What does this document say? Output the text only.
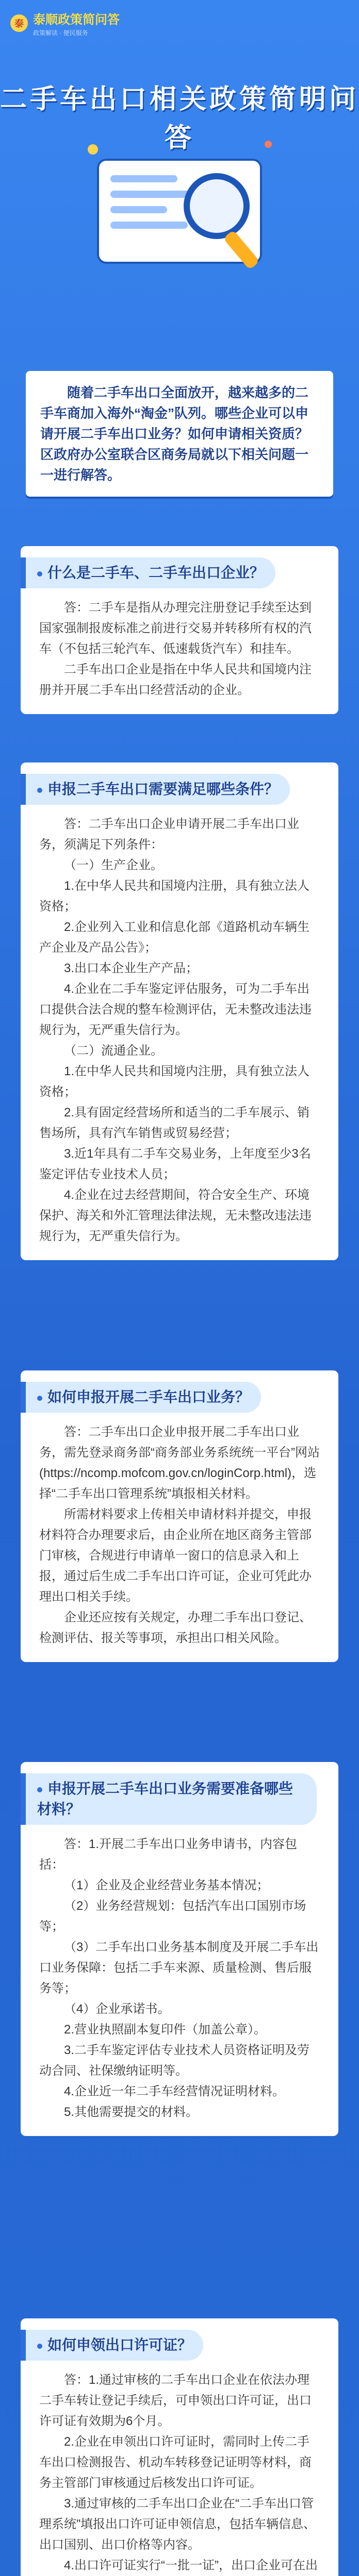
泰 泰顺政策简问答
政策解读 · 便民服务
二手车出口相关政策简明问答

随着二手车出口全面放开，越来越多的二手车商加入海外“淘金”队列。哪些企业可以申请开展二手车出口业务？如何申请相关资质？区政府办公室联合区商务局就以下相关问题一一进行解答。

什么是二手车、二手车出口企业？

答：二手车是指从办理完注册登记手续至达到国家强制报废标准之前进行交易并转移所有权的汽车（不包括三轮汽车、低速载货汽车）和挂车。

二手车出口企业是指在中华人民共和国境内注册并开展二手车出口经营活动的企业。

申报二手车出口需要满足哪些条件？

答：二手车出口企业申请开展二手车出口业务，须满足下列条件：

（一）生产企业。

1.在中华人民共和国境内注册，具有独立法人资格；

2.企业列入工业和信息化部《道路机动车辆生产企业及产品公告》；

3.出口本企业生产产品；

4.企业在二手车鉴定评估服务，可为二手车出口提供合法合规的整车检测评估，无未整改违法违规行为，无严重失信行为。

（二）流通企业。

1.在中华人民共和国境内注册，具有独立法人资格；

2.具有固定经营场所和适当的二手车展示、销售场所，具有汽车销售或贸易经营；

3.近1年具有二手车交易业务，上年度至少3名鉴定评估专业技术人员；

4.企业在过去经营期间，符合安全生产、环境保护、海关和外汇管理法律法规，无未整改违法违规行为，无严重失信行为。

如何申报开展二手车出口业务？

答：二手车出口企业申报开展二手车出口业务，需先登录商务部“商务部业务系统统一平台”网站(https://ncomp.mofcom.gov.cn/loginCorp.html)，选择“二手车出口管理系统”填报相关材料。

所需材料要求上传相关申请材料并提交，申报材料符合办理要求后，由企业所在地区商务主管部门审核，合规进行申请单一窗口的信息录入和上报，通过后生成二手车出口许可证，企业可凭此办理出口相关手续。

企业还应按有关规定，办理二手车出口登记、检测评估、报关等事项，承担出口相关风险。

申报开展二手车出口业务需要准备哪些材料？

答：1.开展二手车出口业务申请书，内容包括：

（1）企业及企业经营业务基本情况；

（2）业务经营规划：包括汽车出口国别市场等；

（3）二手车出口业务基本制度及开展二手车出口业务保障：包括二手车来源、质量检测、售后服务等；

（4）企业承诺书。

2.营业执照副本复印件（加盖公章）。

3.二手车鉴定评估专业技术人员资格证明及劳动合同、社保缴纳证明等。

4.企业近一年二手车经营情况证明材料。

5.其他需要提交的材料。

如何申领出口许可证？

答：1.通过审核的二手车出口企业在依法办理二手车转让登记手续后，可申领出口许可证，出口许可证有效期为6个月。

2.企业在申领出口许可证时，需同时上传二手车出口检测报告、机动车转移登记证明等材料，商务主管部门审核通过后核发出口许可证。

3.通过审核的二手车出口企业在“二手车出口管理系统”填报出口许可证申领信息，包括车辆信息、出口国别、出口价格等内容。

4.出口许可证实行“一批一证”，出口企业可在出
